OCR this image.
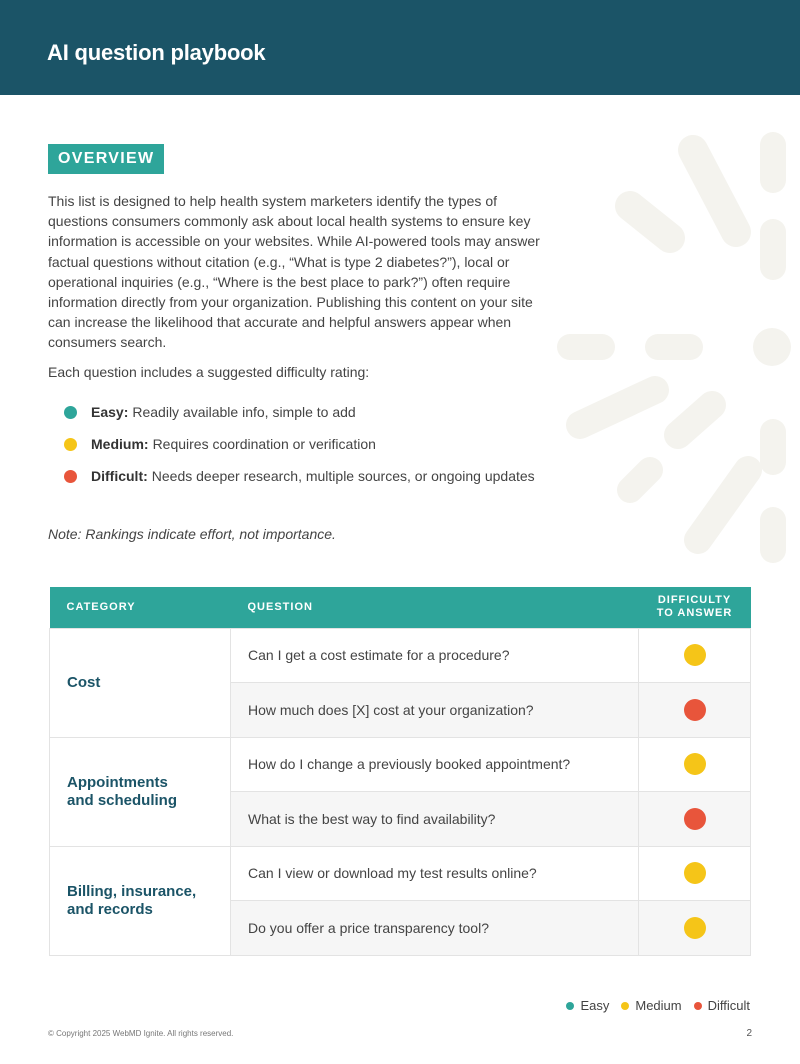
AI question playbook
OVERVIEW

This list is designed to help health system marketers identify the types of questions consumers commonly ask about local health systems to ensure key information is accessible on your websites. While AI-powered tools may answer factual questions without citation (e.g., “What is type 2 diabetes?”), local or operational inquiries (e.g., “Where is the best place to park?”) often require information directly from your organization. Publishing this content on your site can increase the likelihood that accurate and helpful answers appear when consumers search.

Each question includes a suggested difficulty rating:

Easy: Readily available info, simple to add
Medium: Requires coordination or verification
Difficult: Needs deeper research, multiple sources, or ongoing updates

Note: Rankings indicate effort, not importance.

CATEGORY	QUESTION	DIFFICULTY
TO ANSWER
Cost	Can I get a cost estimate for a procedure?	
	How much does [X] cost at your organization?	
Appointments
and scheduling	How do I change a previously booked appointment?	
	What is the best way to find availability?	
Billing, insurance,
and records	Can I view or download my test results online?	
	Do you offer a price transparency tool?	
Easy Medium Difficult
© Copyright 2025 WebMD Ignite. All rights reserved.	2
